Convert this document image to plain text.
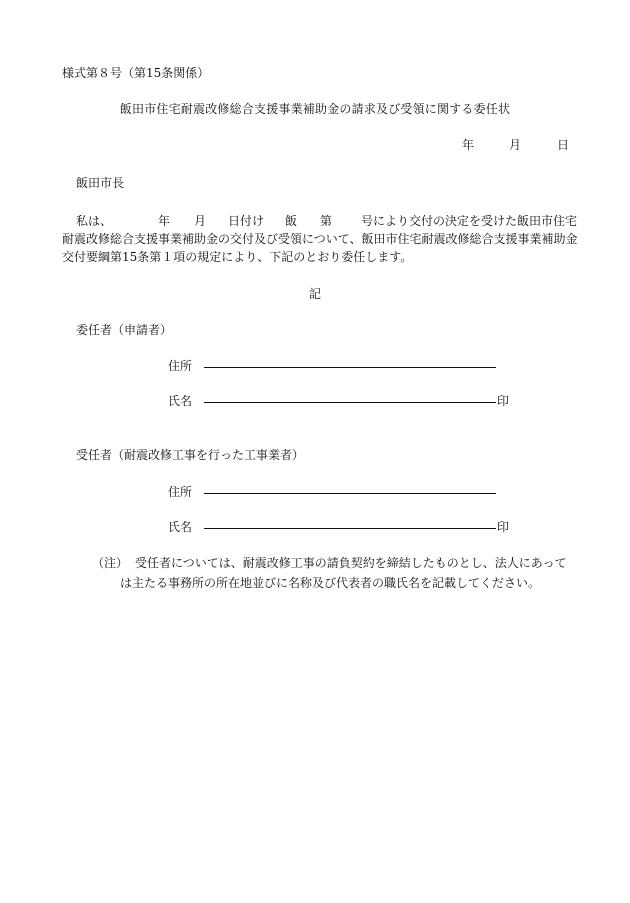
様式第８号（第15条関係）
飯田市住宅耐震改修総合支援事業補助金の請求及び受領に関する委任状
年	月	日
飯田市長
私は、	年 月 日付け 飯 第 号により交付の決定を受けた飯田市住宅
耐震改修総合支援事業補助金の交付及び受領について、飯田市住宅耐震改修総合支援事業補助金
交付要綱第15条第１項の規定により、下記のとおり委任します。
記
委任者（申請者）
住所
氏名	印
受任者（耐震改修工事を行った工事業者）
住所
氏名	印
（注） 受任者については、耐震改修工事の請負契約を締結したものとし、法人にあって
は主たる事務所の所在地並びに名称及び代表者の職氏名を記載してください。
